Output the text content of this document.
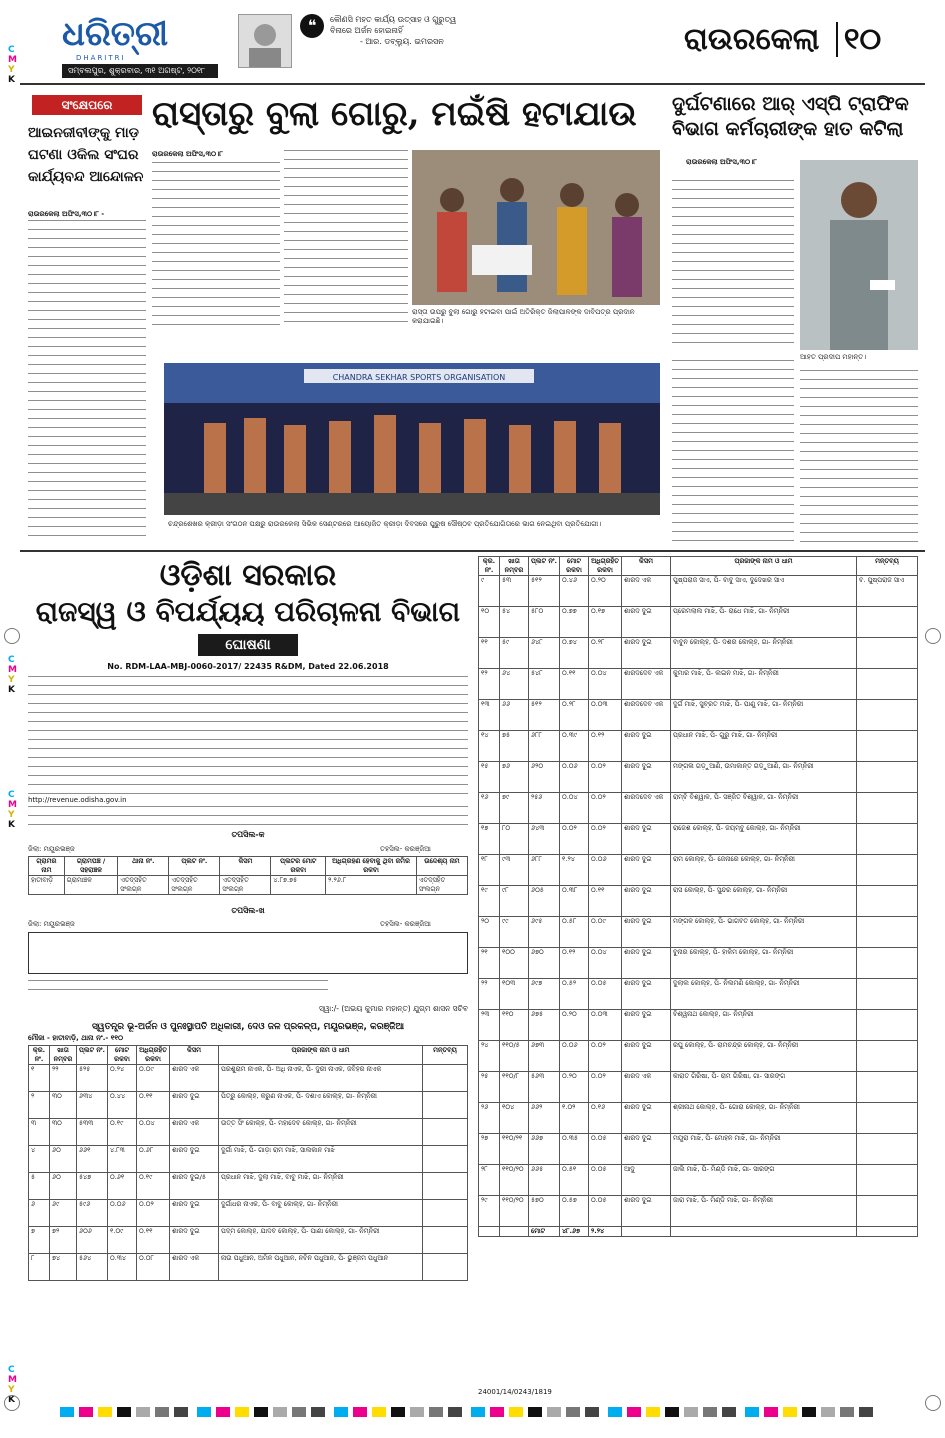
ଧରିତ୍ରୀ
DHARITRI
ସମ୍ବଲପୁର, ଶୁକ୍ରବାର, ୩୧ ଅଗଷ୍ଟ, ୨୦୧୮
❝	କୌଣସି ମହତ କାର୍ଯ୍ୟ ଉତ୍ସାହ ଓ ଗୁରୁତ୍ୱ
ବିନାରେ ଅର୍ଜନ ହୋଇନାହିଁ
- ଆର. ଡବ୍ଲ୍ୟୁ. ଇମରସନ	ରାଉରକେଲା ୧୦
C
M
Y
K
C
M
Y
K
C
M
Y
K
C
M
Y
K
ସଂକ୍ଷେପରେ
ଆଇନଜୀବୀଙ୍କୁ ମାଡ଼ ଘଟଣା ଓକିଲ ସଂଘର କାର୍ଯ୍ୟବନ୍ଦ ଆନ୍ଦୋଳନ
ରାଉରକେଲା ଅଫିସ,୩୦।୮ -
ରାସ୍ତାରୁ ବୁଲା ଗୋରୁ, ମଇଁଷି ହଟାଯାଉ
ରାଉରକେଲା ଅଫିସ,୩୦।୮
ରାସ୍ତା ଉପରୁ ବୁଲା ଗୋରୁ ହଟାଇବା ପାଇଁ ଅତିରିକ୍ତ ଜିଲାପାଳଙ୍କ ଦାବିପତ୍ର ପ୍ରଦାନ କରାଯାଇଛି।
ଦୁର୍ଘଟଣାରେ ଆର୍ ଏସ୍‌ପି ଟ୍ରାଫିକ ବିଭାଗ କର୍ମଚାରୀଙ୍କ ହାତ କଟିଲା
ରାଉରକେଲା ଅଫିସ,୩୦।୮
ଆହତ ପ୍ରଦୀପ ମହାନ୍ତ।
CHANDRA SEKHAR SPORTS ORGANISATION
ଚନ୍ଦ୍ରଶେଖର କ୍ରୀଡ଼ା ସଂଗଠନ ପକ୍ଷରୁ ରାଉରକେଲା ସିଭିକ ସେଣ୍ଟରରେ ଆୟୋଜିତ କ୍ରୀଡ଼ା ଦିବସରେ ପୁରୁଷ ସୌଷ୍ଠବ ପ୍ରତିଯୋଗିତାରେ ଭାଗ ନେଇଥିବା ପ୍ରତିଯୋଗୀ।
ଓଡ଼ିଶା ସରକାର
ରାଜସ୍ୱ ଓ ବିପର୍ଯ୍ୟୟ ପରିଚାଳନା ବିଭାଗ
ଘୋଷଣା
No. RDM-LAA-MBJ-0060-2017/ 22435 R&DM, Dated 22.06.2018
http://revenue.odisha.gov.in
ତପସିଲ-କ
ଜିଲା: ମୟୂରଭଞ୍ଜ	ତହସିଲ- କରଞ୍ଜିଆ
ଗ୍ରାମର ନାମ	ଗ୍ରାମପଞ୍ଚ / ସହରାଞ୍ଚଳ	ଥାନା ନଂ.	ପ୍ଲଟ ନଂ.	କିସମ	ପ୍ଲଟର ମୋଟ ରକବା	ଅଧିଗ୍ରହଣ ହେବାକୁ ଥିବା ଜମିର ରକବା	ଉଦ୍ଦେଶ୍ୟ ନାମ
ହାତୀବାଡ଼ି	ଗ୍ରାମାଞ୍ଚଳ	ଏତଦ୍‌ସହିତ ସଂଲଗ୍ନ	ଏତଦ୍‌ସହିତ ସଂଲଗ୍ନ	ଏତଦ୍‌ସହିତ ସଂଲଗ୍ନ	୪.୮୭.୭୫	୨.୨୬.୮	ଏତଦ୍‌ସହିତ ସଂଲଗ୍ନ
ତପସିଲ-ଖ
ଜିଲା: ମୟୂରଭଞ୍ଜ	ତହସିଲ- କରଞ୍ଜିଆ
ସ୍ୱା:/- (ଅଭୟ କୁମାର ମହାନ୍ତ) ଯୁଗ୍ମ ଶାସନ ସଚିବ
ସ୍ୱତନ୍ତ୍ର ଭୂ-ଅର୍ଜନ ଓ ପୁନଃସ୍ଥାପତି ଅଧିକାରୀ, ଦେଓ ଜଳ ପ୍ରକଳ୍ପ, ମୟୂରଭଞ୍ଜ, କରଞ୍ଜିଆ
ମୌଜା - ହାତୀବାଡ଼ି, ଥାନା ନଂ.- ୧୧୦
କ୍ର. ନଂ.	ଖାତା ନମ୍ବର	ପ୍ଲଟ ନଂ.	ମୋଟ ରକବା	ଅଧିଗ୍ରହିତ ରକବା	କିସମ	ପ୍ରଜାଙ୍କ ନାମ ଓ ଧାମ	ମନ୍ତବ୍ୟ
୧	୨୨	୫୨୫	୦.୨୪	୦.୦୯	ଶାରଦ ଏକ	ପରଶୁରାମ ନାଏକ, ପି- ଅଧି ନାଏକ, ପି- ଦୁରୀ ନାଏକ, ଜବିହର ନାଏକ	
୨	୩୦	୬୩୪	୦.୪୪	୦.୧୧	ଶାରଦ ଦୁଇ	ପିତ୍ରୁ କୋଲ୍ହ, କରୁଣ ନାଏକ, ପି- ଦଶାଏ କୋଲ୍ହ, ଗା- ନିମ୍ନିରୀ	
୩	୩୦	୫୩୩	୦.୧୯	୦.୦୪	ଶାରଦ ଏକ	ଉତ୍ତ ସିଂ କୋଲ୍ହ, ପି- ମହାଦେବ କୋଲ୍ହ, ଗା- ନିମ୍ନିରୀ	
୪	୬୦	୬୬୧	୪.୮୩	୦.୬୮	ଶାରଦ ଦୁଇ	ଦୁର୍ଗା ମାଝି, ପି- ଗାଡ଼ା ରାମ ମାଝି, ସାଲକାନ ମାଝି	
୫	୬୦	୫୪୭	୦.୬୧	୦.୧୯	ଶାରଦ ଦୁଇ/୫	ପ୍ରଧାନ ମାଝି, ଦୁଲା ମାଝି, ବାବୁ ମାଝି, ଗା- ନିମ୍ନିରୀ	
୬	୬୯	୫୯୬	୦.୦୬	୦.୦୨	ଶାରଦ ଦୁଇ	ଦୁର୍ଗାଧର ନାଏକ, ପି- ବାବୁ କୋଲ୍ହ, ଗା- ନିମ୍ନିରୀ	
୭	୭୨	୬୦୬	୧.୦୯	୦.୧୧	ଶାରଦ ଦୁଇ	ପଦ୍ମ କୋଲ୍ହ, ଯାଦବ କୋଲ୍ହ, ପି- ପାଣା କୋଲ୍ହ, ଗା- ନିମ୍ନିରୀ	
୮	୭୪	୫୬୪	୦.୩୪	୦.୦୮	ଶାରଦ ଏକ	ନାଉ ପଧୁଆନ, ଅମିନ ପଧୁଆନ, ନବିନ ପଧୁଆନ, ପି- ଭୁଞ୍ଜମ ପଧୁଆନ	
କ୍ର. ନଂ.	ଖାତା ନମ୍ବର	ପ୍ଲଟ ନଂ.	ମୋଟ ରକବା	ଅଧିଗ୍ରହିତ ରକବା	କିସମ	ପ୍ରଜାଙ୍କ ନାମ ଓ ଧାମ	ମନ୍ତବ୍ୟ
୯	୫୩	୫୧୨	୦.୪୬	୦.୨୦	ଶାରଦ ଏକ	ପୁଷ୍ପରାଜ ସାଏ, ପି- ବାବୁ ସାଏ, ଦୁଦେଖର ସାଏ	ବ. ପୁଷ୍ପରାଜ ସାଏ
୧୦	୫୪	୫୮୦	୦.୭୭	୦.୧୭	ଶାରଦ ଦୁଇ	ପ୍ରେମଲାଲ ମାଝି, ପି- ରାଧେ ମାଝି, ଗା- ନିମ୍ନିରୀ	
୧୧	୫୯	୬୪୮	୦.୭୪	୦.୨୮	ଶାରଦ ଦୁଇ	ବାବୁନ କୋଲ୍ହ, ପି- ଦଶର କୋଲ୍ହ, ଗା- ନିମ୍ନିରୀ	
୧୨	୬୪	୫୪୮	୦.୧୧	୦.୦୪	ଶାରଦଦେବ ଏକ	କୁମାର ମାଝି, ପି- ଲଇନ ମାଝି, ଗା- ନିମ୍ନିରୀ	
୧୩	୬୬	୫୧୨	୦.୨୮	୦.୦୩	ଶାରଦଦେବ ଏକ	ଦୁର୍ଗ ମାଝି, ସୁବ୍ରତ ମାଝି, ପି- ପାଣୁ ମାଝି, ଗା- ନିମ୍ନିରୀ	
୧୪	୭୫	୬୮୮	୦.୩୯	୦.୧୨	ଶାରଦ ଦୁଇ	ପ୍ରଧାନ ମାଝି, ପି- ଗୁରୁ ମାଝି, ଗା- ନିମ୍ନିରୀ	
୧୫	୭୬	୬୨୦	୦.୦୬	୦.୦୨	ଶାରଦ ଦୁଇ	ମଙ୍ଗଳା ଗଡ଼ୁଆଣି, ଉମାକାନ୍ତ ଗଡ଼ୁଆଣି, ଗା- ନିମ୍ନିରୀ	
୧୬	୭୯	୨୫୬	୦.୦୪	୦.୦୨	ଶାରଦଦେବ ଏକ	ରାମ୍ବି ବିଶ୍ୱାଳ, ପି- ସଞ୍ଜିତ ବିଶ୍ୱାଳ, ଗା- ନିମ୍ନିରୀ	
୧୭	୮୦	୬୪୩	୦.୦୨	୦.୦୨	ଶାରଦ ଦୁଇ	ରାଜେଶ କୋଲ୍ହ, ପି- ଜୟମ୍ବୁ କୋଲ୍ହ, ଗା- ନିମ୍ନିରୀ	
୧୮	୯୩	୬୮୮	୧.୨୪	୦.୦୬	ଶାରଦ ଦୁଇ	ରାମ କୋଲ୍ହ, ପି- ଜେନାରେ କୋଲ୍ହ, ଗା- ନିମ୍ନିରୀ	
୧୯	୯୮	୬୦୫	୦.୩୮	୦.୧୧	ଶାରଦ ଦୁଇ	ରାସ କୋଲ୍ହ, ପି- ସୁନ୍ଦର କୋଲ୍ହ, ଗା- ନିମ୍ନିରୀ	
୨୦	୯୯	୬୯୫	୦.୫୮	୦.୦୯	ଶାରଦ ଦୁଇ	ମଙ୍ଗଳ କୋଲ୍ହ, ପି- ଭାଗବତ କୋଲ୍ହ, ଗା- ନିମ୍ନିରୀ	
୨୧	୧୦୦	୬୭୦	୦.୧୨	୦.୦୪	ଶାରଦ ଦୁଇ	ବୁନାର କୋଲ୍ହ, ପି- ହାକିମ କୋଲ୍ହ, ଗା- ନିମ୍ନିରୀ	
୨୨	୧୦୩	୬୯୭	୦.୫୨	୦.୦୫	ଶାରଦ ଦୁଇ	ଦୁଲାଲ କୋଲ୍ହ, ପି- ନିଲମଣି କୋଲ୍ହ, ଗା- ନିମ୍ନିରୀ	
୨୩	୧୧୦	୬୭୫	୦.୨୦	୦.୦୩	ଶାରଦ ଦୁଇ	ବିଶ୍ୱନାଥ କୋଲ୍ହ, ଗା- ନିମ୍ନିରୀ	
୨୪	୧୧୦/୫	୬୭୩	୦.୦୬	୦.୦୨	ଶାରଦ ଦୁଇ	ରଘୁ କୋଲ୍ହ, ପି- ରାମଚନ୍ଦ୍ର କୋଲ୍ହ, ଗା- ନିମ୍ନିରୀ	
୨୫	୧୧୦/୮	୫୬୩	୦.୨୦	୦.୦୨	ଶାରଦ ଏକ	କାରାତ ଗିରିଷା, ପି- ରାମ ଗିରିଷା, ଗା- ସାରଙ୍ଗ	
୨୬	୧୦୪	୬୬୨	୧.୦୨	୦.୧୬	ଶାରଦ ଦୁଇ	ଶ୍ରୀନାଥ କୋଲ୍ହ, ପି- ଗୋରା କୋଲ୍ହ, ଗା- ନିମ୍ନିରୀ	
୨୭	୧୧୦/୨୧	୬୬୭	୦.୩୫	୦.୦୫	ଶାରଦ ଦୁଇ	ମୟୂରା ମାଝି, ପି- ମୋହନ ମାଝି, ଗା- ନିମ୍ନିରୀ	
୨୮	୧୧୦/୨୦	୬୬୫	୦.୫୧	୦.୦୫	ଆଦୁ	ଜାଲି ମାଝି, ପି- ମିଣ୍ଡି ମାଝି, ଗା- ସାରଙ୍ଗ	
୨୯	୧୧୦/୨୦	୫୭୦	୦.୫୭	୦.୦୫	ଶାରଦ ଦୁଇ	ଜାରା ମାଝି, ପି- ମିଣ୍ଡି ମାଝି, ଗା- ନିମ୍ନିରୀ	
		ମୋଟ	୪୮.୬୭	୨.୨୪			
24001/14/0243/1819
